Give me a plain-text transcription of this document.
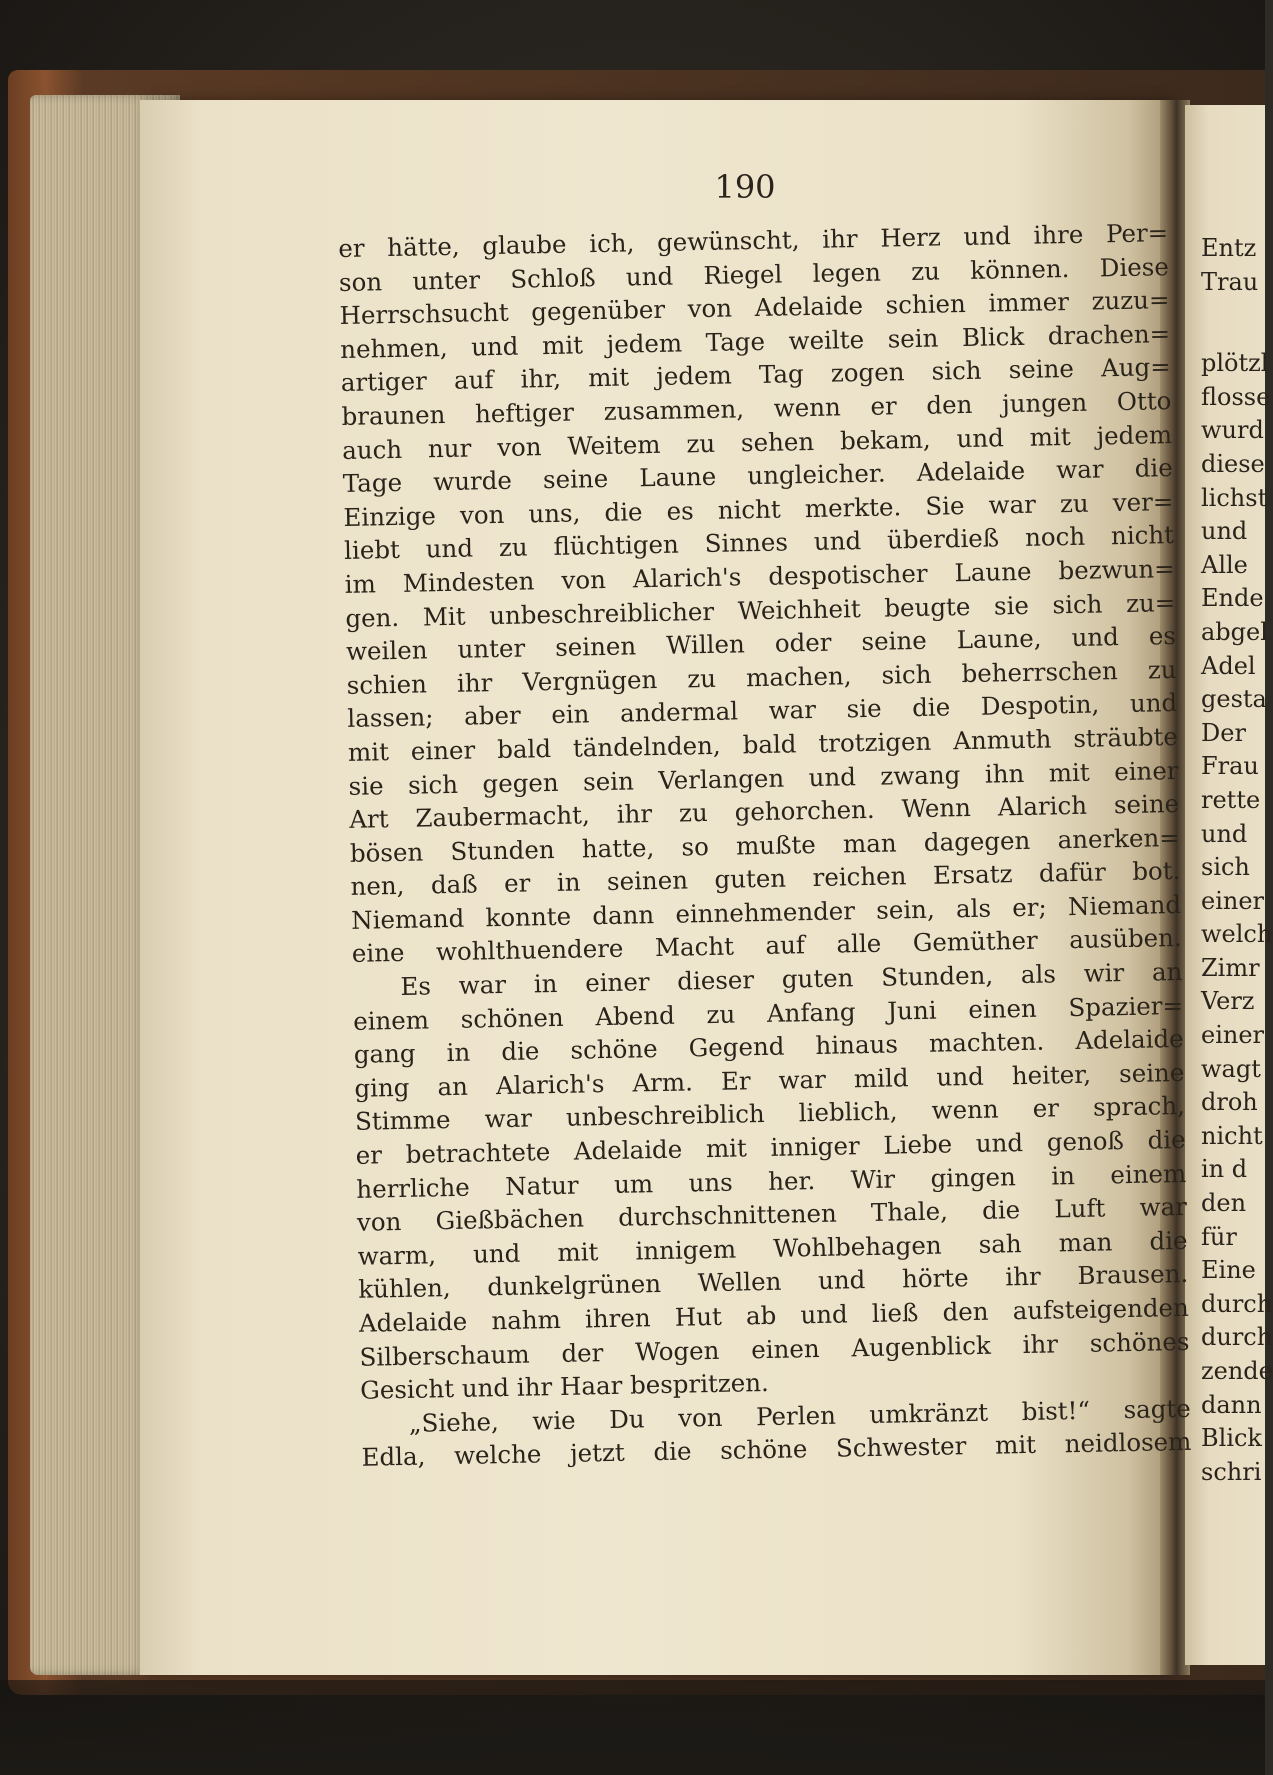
190
er hätte, glaube ich, gewünscht, ihr Herz und ihre Per=
son unter Schloß und Riegel legen zu können. Diese
Herrschsucht gegenüber von Adelaide schien immer zuzu=
nehmen, und mit jedem Tage weilte sein Blick drachen=
artiger auf ihr, mit jedem Tag zogen sich seine Aug=
braunen heftiger zusammen, wenn er den jungen Otto
auch nur von Weitem zu sehen bekam, und mit jedem
Tage wurde seine Laune ungleicher. Adelaide war die
Einzige von uns, die es nicht merkte. Sie war zu ver=
liebt und zu flüchtigen Sinnes und überdieß noch nicht
im Mindesten von Alarich's despotischer Laune bezwun=
gen. Mit unbeschreiblicher Weichheit beugte sie sich zu=
weilen unter seinen Willen oder seine Laune, und es
schien ihr Vergnügen zu machen, sich beherrschen zu
lassen; aber ein andermal war sie die Despotin, und
mit einer bald tändelnden, bald trotzigen Anmuth sträubte
sie sich gegen sein Verlangen und zwang ihn mit einer
Art Zaubermacht, ihr zu gehorchen. Wenn Alarich seine
bösen Stunden hatte, so mußte man dagegen anerken=
nen, daß er in seinen guten reichen Ersatz dafür bot.
Niemand konnte dann einnehmender sein, als er; Niemand
eine wohlthuendere Macht auf alle Gemüther ausüben.
Es war in einer dieser guten Stunden, als wir an
einem schönen Abend zu Anfang Juni einen Spazier=
gang in die schöne Gegend hinaus machten. Adelaide
ging an Alarich's Arm. Er war mild und heiter, seine
Stimme war unbeschreiblich lieblich, wenn er sprach,
er betrachtete Adelaide mit inniger Liebe und genoß die
herrliche Natur um uns her. Wir gingen in einem
von Gießbächen durchschnittenen Thale, die Luft war
warm, und mit innigem Wohlbehagen sah man die
kühlen, dunkelgrünen Wellen und hörte ihr Brausen.
Adelaide nahm ihren Hut ab und ließ den aufsteigenden
Silberschaum der Wogen einen Augenblick ihr schönes
Gesicht und ihr Haar bespritzen.
„Siehe, wie Du von Perlen umkränzt bist!“ sagte
Edla, welche jetzt die schöne Schwester mit neidlosem
Entz
Trau
plötzl
flosse
wurd
diese
lichst
und
Alle
Ende
abgel
Adel
gesta
Der
Frau
rette
und
sich
einer
welch
Zimr
Verz
einer
wagt
droh
nicht
in d
den
für
Eine
durch
durch
zende
dann
Blick
schri
